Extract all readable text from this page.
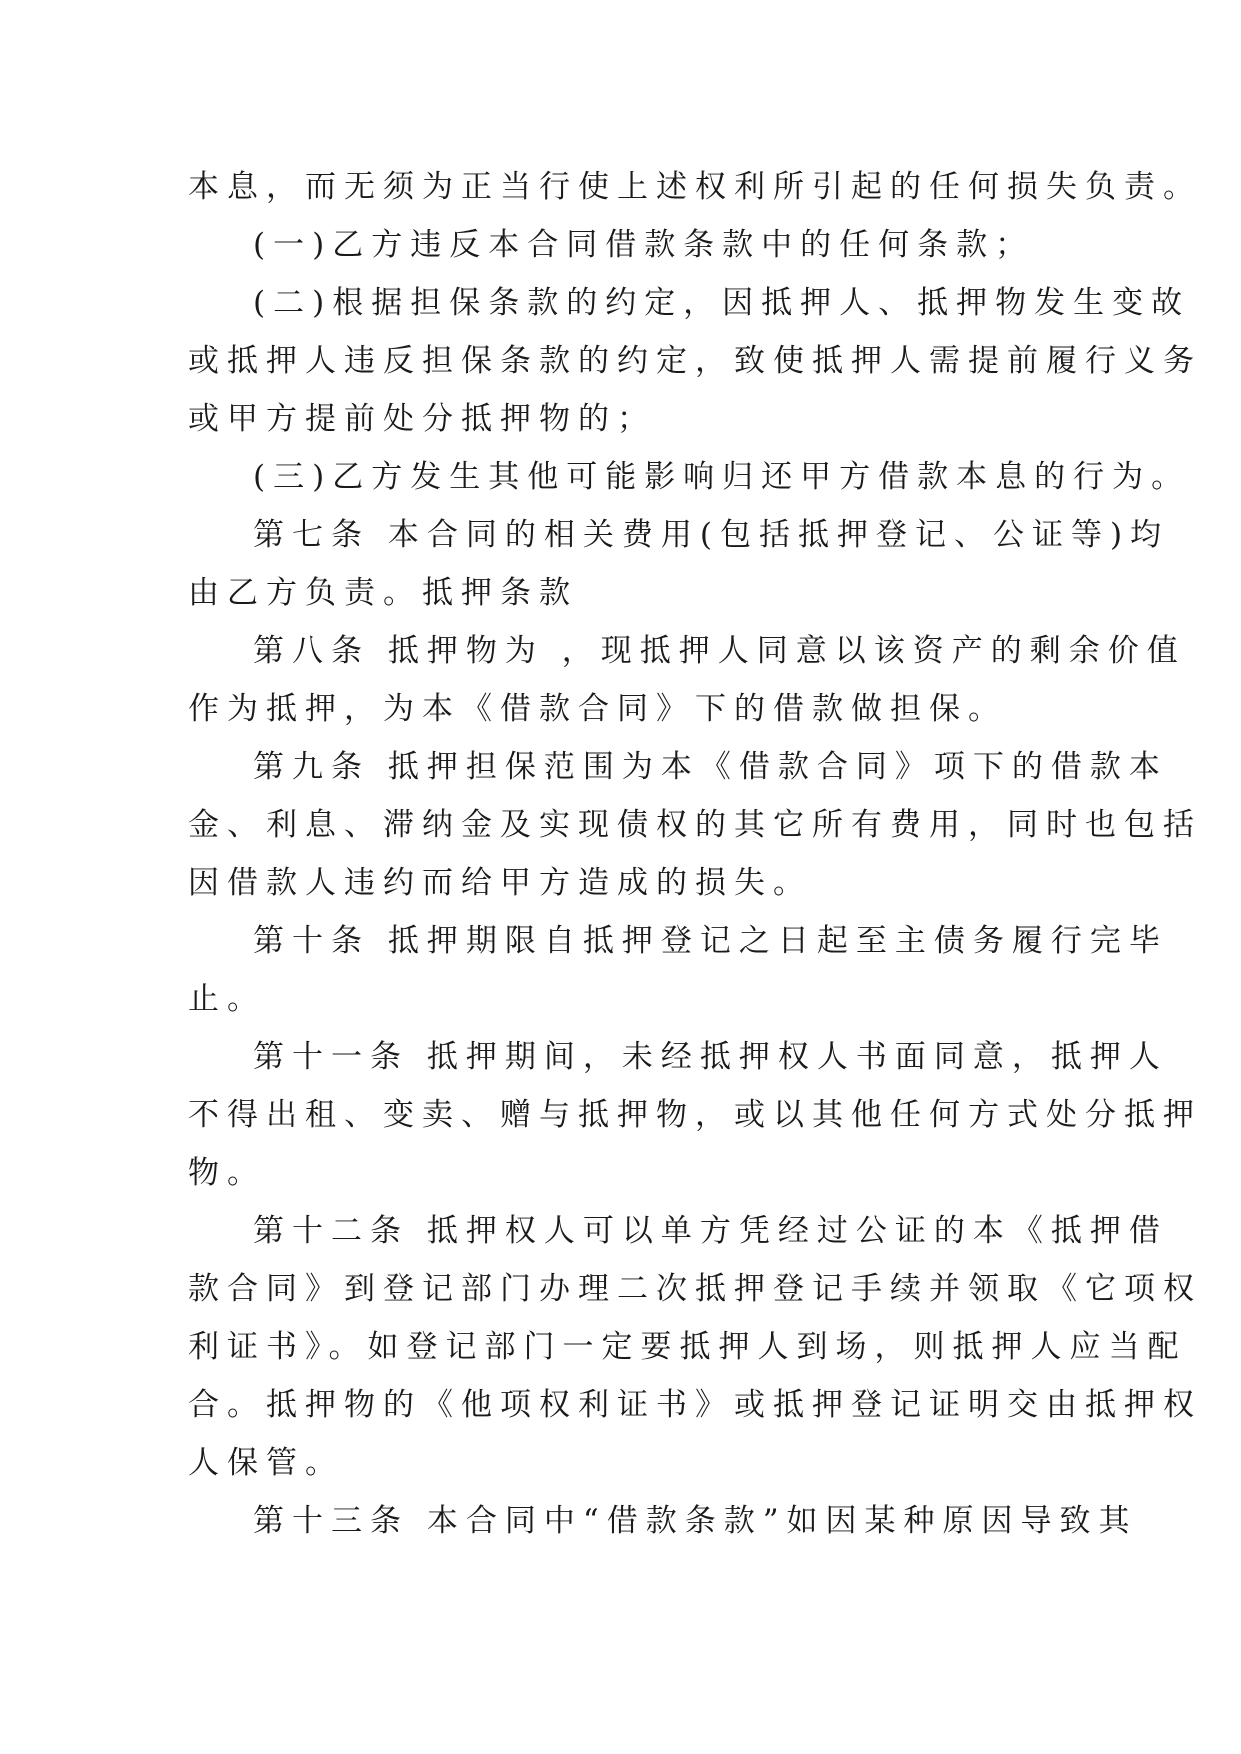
本息，而无须为正当行使上述权利所引起的任何损失负责。
(一)乙方违反本合同借款条款中的任何条款；
(二)根据担保条款的约定，因抵押人、抵押物发生变故
或抵押人违反担保条款的约定，致使抵押人需提前履行义务
或甲方提前处分抵押物的；
(三)乙方发生其他可能影响归还甲方借款本息的行为。
第七条 本合同的相关费用(包括抵押登记、公证等)均
由乙方负责。抵押条款
第八条 抵押物为 ，现抵押人同意以该资产的剩余价值
作为抵押，为本《借款合同》下的借款做担保。
第九条 抵押担保范围为本《借款合同》项下的借款本
金、利息、滞纳金及实现债权的其它所有费用，同时也包括
因借款人违约而给甲方造成的损失。
第十条 抵押期限自抵押登记之日起至主债务履行完毕
止。
第十一条 抵押期间，未经抵押权人书面同意，抵押人
不得出租、变卖、赠与抵押物，或以其他任何方式处分抵押
物。
第十二条 抵押权人可以单方凭经过公证的本《抵押借
款合同》到登记部门办理二次抵押登记手续并领取《它项权
利证书》。如登记部门一定要抵押人到场，则抵押人应当配
合。抵押物的《他项权利证书》或抵押登记证明交由抵押权
人保管。
第十三条 本合同中“借款条款”如因某种原因导致其
